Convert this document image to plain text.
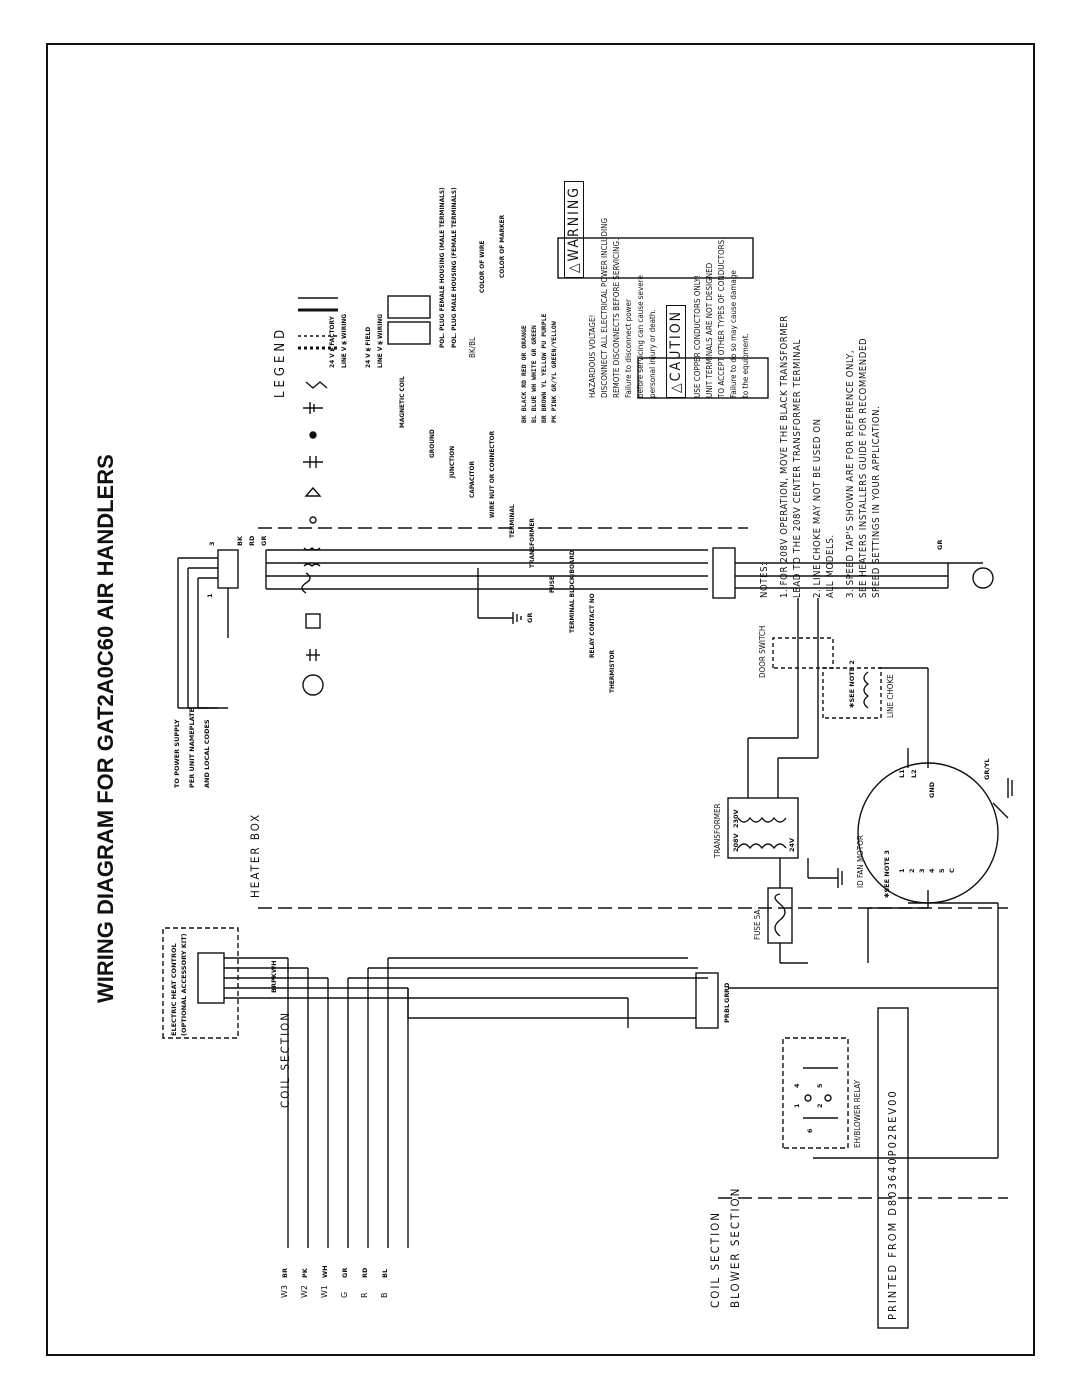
WIRING DIAGRAM FOR GAT2A0C60 AIR HANDLERS	HEATER BOX
COIL SECTION
COIL SECTION BLOWER SECTION
TO POWER SUPPLY PER UNIT NAMEPLATE AND LOCAL CODES
ELECTRIC HEAT CONTROL (OPTIONAL ACCESSORY KIT)
W3 W2 W1 G R B
BR PK WH GR RD BL
GR
RD
BK
GR
GR
PR
BL
GR
RD
GR/YL
WH
PK
BR
FUSE 5A
TRANSFORMER 208V
230V
24V
DOOR SWITCH
LINE CHOKE
✱SEE NOTE 2
ID FAN MOTOR	✱SEE NOTE 3
L1 L2
GND
1 2 3 4 5 C
EH/BLOWER RELAY
1 2
4 5
6
1
3
LEGEND	24 V ⦕ FACTORY LINE V ⦕ WIRING 24 V ⦕ FIELD LINE V ⦕ WIRING
MAGNETIC COIL
GROUND
JUNCTION CAPACITOR WIRE NUT OR CONNECTOR
TERMINAL TRANSFORMER
FUSE TERMINAL BLOCK/BOARD RELAY CONTACT NO
THERMISTOR
POL. PLUG FEMALE HOUSING (MALE TERMINALS) POL. PLUG MALE HOUSING (FEMALE TERMINALS) BK/BL
COLOR OF WIRE COLOR OF MARKER
BK BLACK RD RED OR ORANGE BL BLUE WH WHITE GR GREEN BR BROWN YL YELLOW PU PURPLE PK PINK GR/YL GREEN/YELLOW
△WARNING
HAZARDOUS VOLTAGE! DISCONNECT ALL ELECTRICAL POWER INCLUDING REMOTE DISCONNECTS BEFORE SERVICING. Failure to disconnect power before servicing can cause severe personal injury or death. △CAUTION USE COPPER CONDUCTORS ONLY! UNIT TERMINALS ARE NOT DESIGNED TO ACCEPT OTHER TYPES OF CONDUCTORS. Failure to do so may cause damage to the equipment.
NOTES: 1. FOR 208V OPERATION, MOVE THE BLACK TRANSFORMER LEAD TO THE 208V CENTER TRANSFORMER TERMINAL 2. LINE CHOKE MAY NOT BE USED ON ALL MODELS. 3. SPEED TAP'S SHOWN ARE FOR REFERENCE ONLY, SEE HEATERS INSTALLERS GUIDE FOR RECOMMENDED SPEED SETTINGS IN YOUR APPLICATION.
PRINTED FROM D803640P02REV00
